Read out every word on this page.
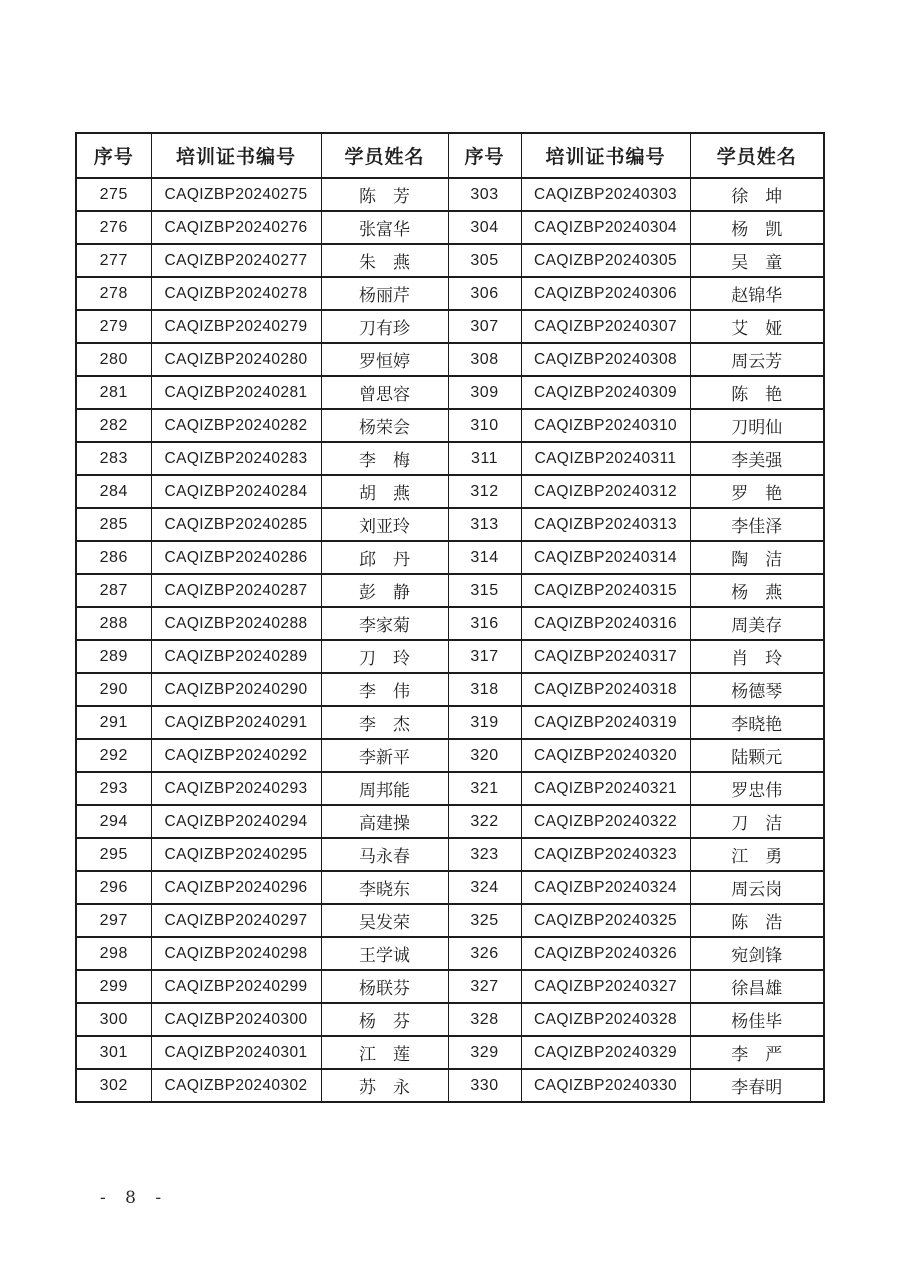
序号	培训证书编号	学员姓名	序号	培训证书编号	学员姓名
275	CAQIZBP20240275	陈　芳	303	CAQIZBP20240303	徐　坤
276	CAQIZBP20240276	张富华	304	CAQIZBP20240304	杨　凯
277	CAQIZBP20240277	朱　燕	305	CAQIZBP20240305	吴　童
278	CAQIZBP20240278	杨丽芹	306	CAQIZBP20240306	赵锦华
279	CAQIZBP20240279	刀有珍	307	CAQIZBP20240307	艾　娅
280	CAQIZBP20240280	罗恒婷	308	CAQIZBP20240308	周云芳
281	CAQIZBP20240281	曾思容	309	CAQIZBP20240309	陈　艳
282	CAQIZBP20240282	杨荣会	310	CAQIZBP20240310	刀明仙
283	CAQIZBP20240283	李　梅	311	CAQIZBP20240311	李美强
284	CAQIZBP20240284	胡　燕	312	CAQIZBP20240312	罗　艳
285	CAQIZBP20240285	刘亚玲	313	CAQIZBP20240313	李佳泽
286	CAQIZBP20240286	邱　丹	314	CAQIZBP20240314	陶　洁
287	CAQIZBP20240287	彭　静	315	CAQIZBP20240315	杨　燕
288	CAQIZBP20240288	李家菊	316	CAQIZBP20240316	周美存
289	CAQIZBP20240289	刀　玲	317	CAQIZBP20240317	肖　玲
290	CAQIZBP20240290	李　伟	318	CAQIZBP20240318	杨德琴
291	CAQIZBP20240291	李　杰	319	CAQIZBP20240319	李晓艳
292	CAQIZBP20240292	李新平	320	CAQIZBP20240320	陆颗元
293	CAQIZBP20240293	周邦能	321	CAQIZBP20240321	罗忠伟
294	CAQIZBP20240294	高建操	322	CAQIZBP20240322	刀　洁
295	CAQIZBP20240295	马永春	323	CAQIZBP20240323	江　勇
296	CAQIZBP20240296	李晓东	324	CAQIZBP20240324	周云岗
297	CAQIZBP20240297	吴发荣	325	CAQIZBP20240325	陈　浩
298	CAQIZBP20240298	王学诚	326	CAQIZBP20240326	宛剑锋
299	CAQIZBP20240299	杨联芬	327	CAQIZBP20240327	徐昌雄
300	CAQIZBP20240300	杨　芬	328	CAQIZBP20240328	杨佳毕
301	CAQIZBP20240301	江　莲	329	CAQIZBP20240329	李　严
302	CAQIZBP20240302	苏　永	330	CAQIZBP20240330	李春明
- 8 -
